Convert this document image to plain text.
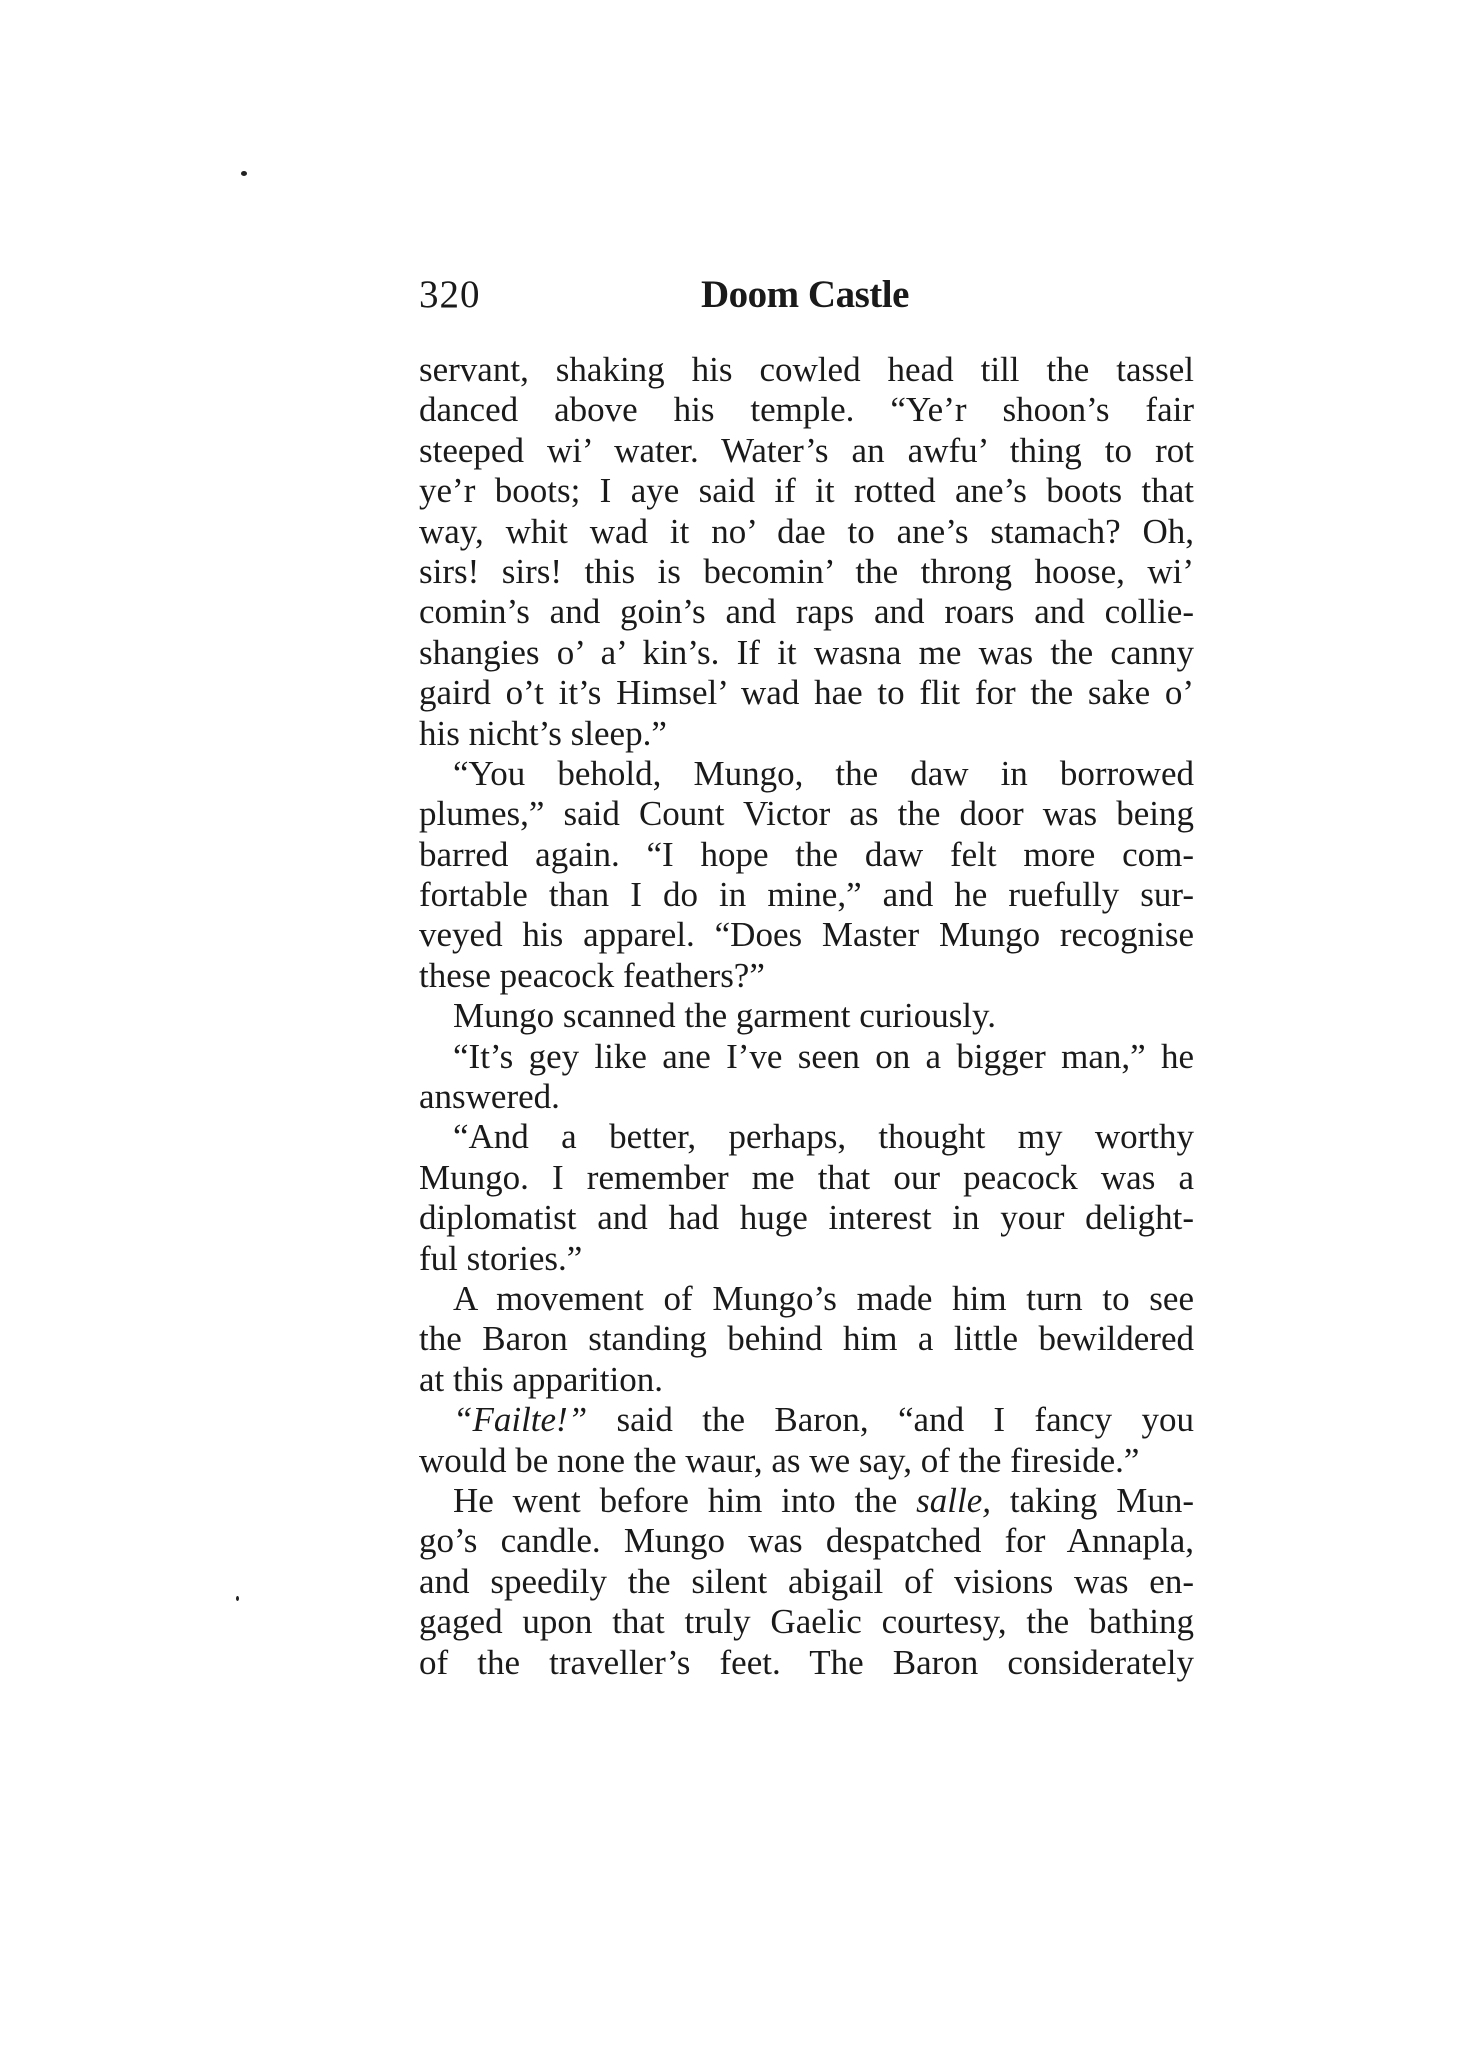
320	Doom Castle
servant, shaking his cowled head till the tassel
danced above his temple. “Ye’r shoon’s fair
steeped wi’ water. Water’s an awfu’ thing to rot
ye’r boots; I aye said if it rotted ane’s boots that
way, whit wad it no’ dae to ane’s stamach? Oh,
sirs! sirs! this is becomin’ the throng hoose, wi’
comin’s and goin’s and raps and roars and collie-
shangies o’ a’ kin’s. If it wasna me was the canny
gaird o’t it’s Himsel’ wad hae to flit for the sake o’
his nicht’s sleep.”
“You behold, Mungo, the daw in borrowed
plumes,” said Count Victor as the door was being
barred again. “I hope the daw felt more com-
fortable than I do in mine,” and he ruefully sur-
veyed his apparel. “Does Master Mungo recognise
these peacock feathers?”
Mungo scanned the garment curiously.
“It’s gey like ane I’ve seen on a bigger man,” he
answered.
“And a better, perhaps, thought my worthy
Mungo. I remember me that our peacock was a
diplomatist and had huge interest in your delight-
ful stories.”
A movement of Mungo’s made him turn to see
the Baron standing behind him a little bewildered
at this apparition.
“Failte!” said the Baron, “and I fancy you
would be none the waur, as we say, of the fireside.”
He went before him into the salle, taking Mun-
go’s candle. Mungo was despatched for Annapla,
and speedily the silent abigail of visions was en-
gaged upon that truly Gaelic courtesy, the bathing
of the traveller’s feet. The Baron considerately
